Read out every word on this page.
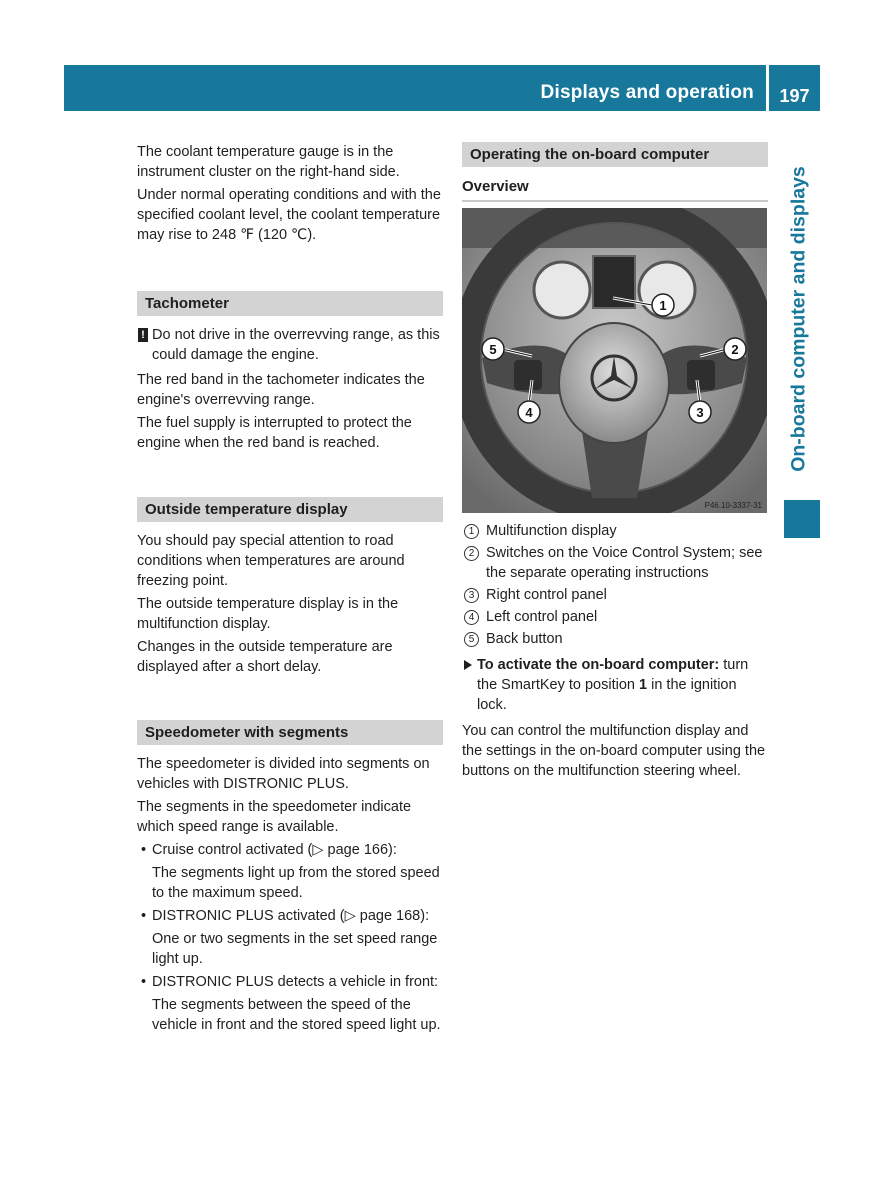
Displays and operation	197
On-board computer and displays

The coolant temperature gauge is in the instrument cluster on the right-hand side.

Under normal operating conditions and with the specified coolant level, the coolant temperature may rise to 248 ℉ (120 ℃).

Tachometer
! Do not drive in the overrevving range, as this could damage the engine.

The red band in the tachometer indicates the engine's overrevving range.

The fuel supply is interrupted to protect the engine when the red band is reached.

Outside temperature display

You should pay special attention to road conditions when temperatures are around freezing point.

The outside temperature display is in the multifunction display.

Changes in the outside temperature are displayed after a short delay.

Speedometer with segments

The speedometer is divided into segments on vehicles with DISTRONIC PLUS.

The segments in the speedometer indicate which speed range is available.

• Cruise control activated (▷ page 166):

The segments light up from the stored speed to the maximum speed.

• DISTRONIC PLUS activated (▷ page 168):

One or two segments in the set speed range light up.

• DISTRONIC PLUS detects a vehicle in front:

The segments between the speed of the vehicle in front and the stored speed light up.

Operating the on-board computer
Overview
1
2
3
4
5
P46.10-3337-31
1 Multifunction display
2 Switches on the Voice Control System; see the separate operating instructions
3 Right control panel
4 Left control panel
5 Back button
To activate the on-board computer: turn the SmartKey to position 1 in the ignition lock.

You can control the multifunction display and the settings in the on-board computer using the buttons on the multifunction steering wheel.
